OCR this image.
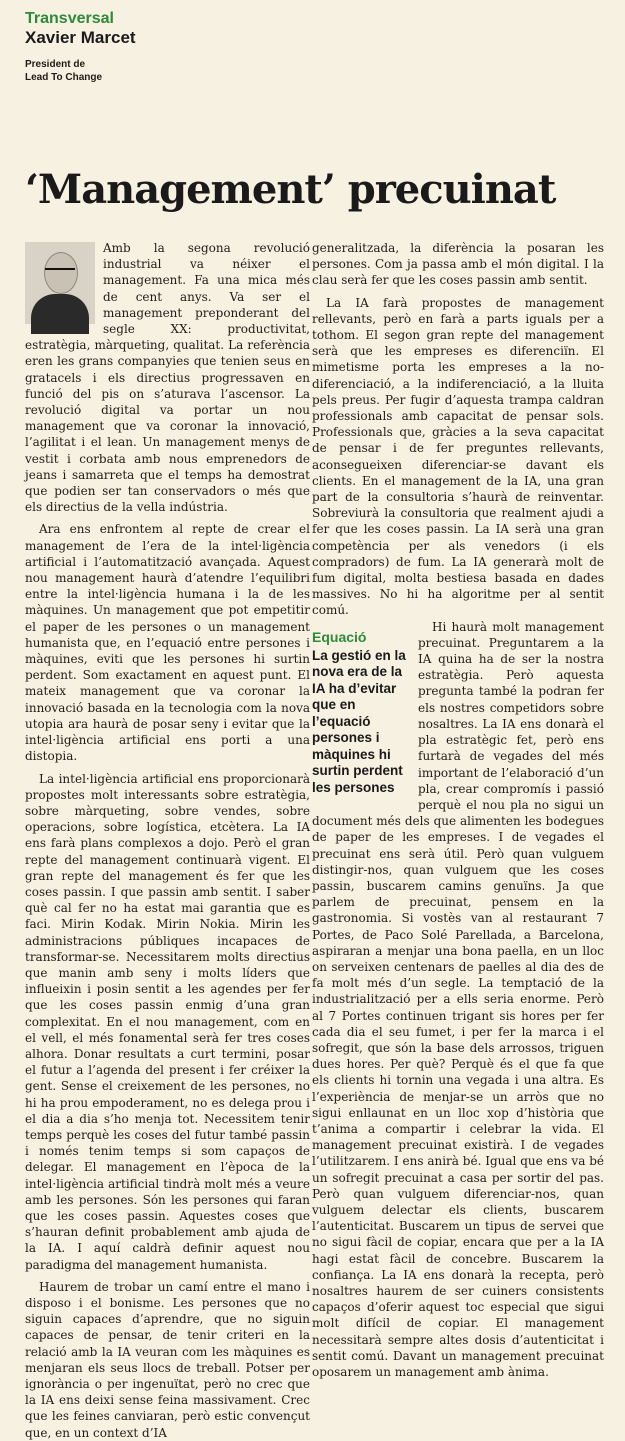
Transversal
Xavier Marcet
President de
Lead To Change
‘Management’ precuinat

Amb la segona revolució industrial va néixer el management. Fa una mica més de cent anys. Va ser el management preponderant del segle XX: productivitat, estratègia, màrqueting, qualitat. La referència eren les grans companyies que tenien seus en gratacels i els directius progressaven en funció del pis on s’aturava l’ascensor. La revolució digital va portar un nou management que va coronar la innovació, l’agilitat i el lean. Un management menys de vestit i corbata amb nous emprenedors de jeans i samarreta que el temps ha demostrat que podien ser tan conservadors o més que els directius de la vella indústria.

Ara ens enfrontem al repte de crear el management de l’era de la intel·ligència artificial i l’automatització avançada. Aquest nou management haurà d’atendre l’equilibri entre la intel·ligència humana i la de les màquines. Un management que pot empetitir el paper de les persones o un management humanista que, en l’equació entre persones i màquines, eviti que les persones hi surtin perdent. Som exactament en aquest punt. El mateix management que va coronar la innovació basada en la tecnologia com la nova utopia ara haurà de posar seny i evitar que la intel·ligència artificial ens porti a una distopia.

La intel·ligència artificial ens proporcionarà propostes molt interessants sobre estratègia, sobre màrqueting, sobre vendes, sobre operacions, sobre logística, etcètera. La IA ens farà plans complexos a dojo. Però el gran repte del management continuarà vigent. El gran repte del management és fer que les coses passin. I que passin amb sentit. I saber què cal fer no ha estat mai garantia que es faci. Mirin Kodak. Mirin Nokia. Mirin les administracions públiques incapaces de transformar-se. Necessitarem molts directius que manin amb seny i molts líders que influeixin i posin sentit a les agendes per fer que les coses passin enmig d’una gran complexitat. En el nou management, com en el vell, el més fonamental serà fer tres coses alhora. Donar resultats a curt termini, posar el futur a l’agenda del present i fer créixer la gent. Sense el creixement de les persones, no hi ha prou empoderament, no es delega prou i el dia a dia s’ho menja tot. Necessitem tenir temps perquè les coses del futur també passin i només tenim temps si som capaços de delegar. El management en l’època de la intel·ligència artificial tindrà molt més a veure amb les persones. Són les persones qui faran que les coses passin. Aquestes coses que s’hauran definit probablement amb ajuda de la IA. I aquí caldrà definir aquest nou paradigma del management humanista.

Haurem de trobar un camí entre el mano i disposo i el bonisme. Les persones que no siguin capaces d’aprendre, que no siguin capaces de pensar, de tenir criteri en la relació amb la IA veuran com les màquines es menjaran els seus llocs de treball. Potser per ignorància o per ingenuïtat, però no crec que la IA ens deixi sense feina massivament. Crec que les feines canviaran, però estic convençut que, en un context d’IA

generalitzada, la diferència la posaran les persones. Com ja passa amb el món digital. I la clau serà fer que les coses passin amb sentit.

La IA farà propostes de management rellevants, però en farà a parts iguals per a tothom. El segon gran repte del management serà que les empreses es diferenciïn. El mimetisme porta les empreses a la no-diferenciació, a la indiferenciació, a la lluita pels preus. Per fugir d’aquesta trampa caldran professionals amb capacitat de pensar sols. Professionals que, gràcies a la seva capacitat de pensar i de fer preguntes rellevants, aconsegueixen diferenciar-se davant els clients. En el management de la IA, una gran part de la consultoria s’haurà de reinventar. Sobreviurà la consultoria que realment ajudi a fer que les coses passin. La IA serà una gran competència per als venedors (i els compradors) de fum. La IA generarà molt de fum digital, molta bestiesa basada en dades massives. No hi ha algoritme per al sentit comú.

Equació
La gestió en la nova era de la IA ha d’evitar que en l’equació persones i màquines hi surtin perdent les persones

Hi haurà molt management precuinat. Preguntarem a la IA quina ha de ser la nostra estratègia. Però aquesta pregunta també la podran fer els nostres competidors sobre nosaltres. La IA ens donarà el pla estratègic fet, però ens furtarà de vegades del més important de l’elaboració d’un pla, crear compromís i passió perquè el nou pla no sigui un document més dels que alimenten les bodegues de paper de les empreses. I de vegades el precuinat ens serà útil. Però quan vulguem distingir-nos, quan vulguem que les coses passin, buscarem camins genuïns. Ja que parlem de precuinat, pensem en la gastronomia. Si vostès van al restaurant 7 Portes, de Paco Solé Parellada, a Barcelona, aspiraran a menjar una bona paella, en un lloc on serveixen centenars de paelles al dia des de fa molt més d’un segle. La temptació de la industrialització per a ells seria enorme. Però al 7 Portes continuen trigant sis hores per fer cada dia el seu fumet, i per fer la marca i el sofregit, que són la base dels arrossos, triguen dues hores. Per què? Perquè és el que fa que els clients hi tornin una vegada i una altra. Es l’experiència de menjar-se un arròs que no sigui enllaunat en un lloc xop d’història que t’anima a compartir i celebrar la vida. El management precuinat existirà. I de vegades l’utilitzarem. I ens anirà bé. Igual que ens va bé un sofregit precuinat a casa per sortir del pas. Però quan vulguem diferenciar-nos, quan vulguem delectar els clients, buscarem l’autenticitat. Buscarem un tipus de servei que no sigui fàcil de copiar, encara que per a la IA hagi estat fàcil de concebre. Buscarem la confiança. La IA ens donarà la recepta, però nosaltres haurem de ser cuiners consistents capaços d’oferir aquest toc especial que sigui molt difícil de copiar. El management necessitarà sempre altes dosis d’autenticitat i sentit comú. Davant un management precuinat oposarem un management amb ànima.
